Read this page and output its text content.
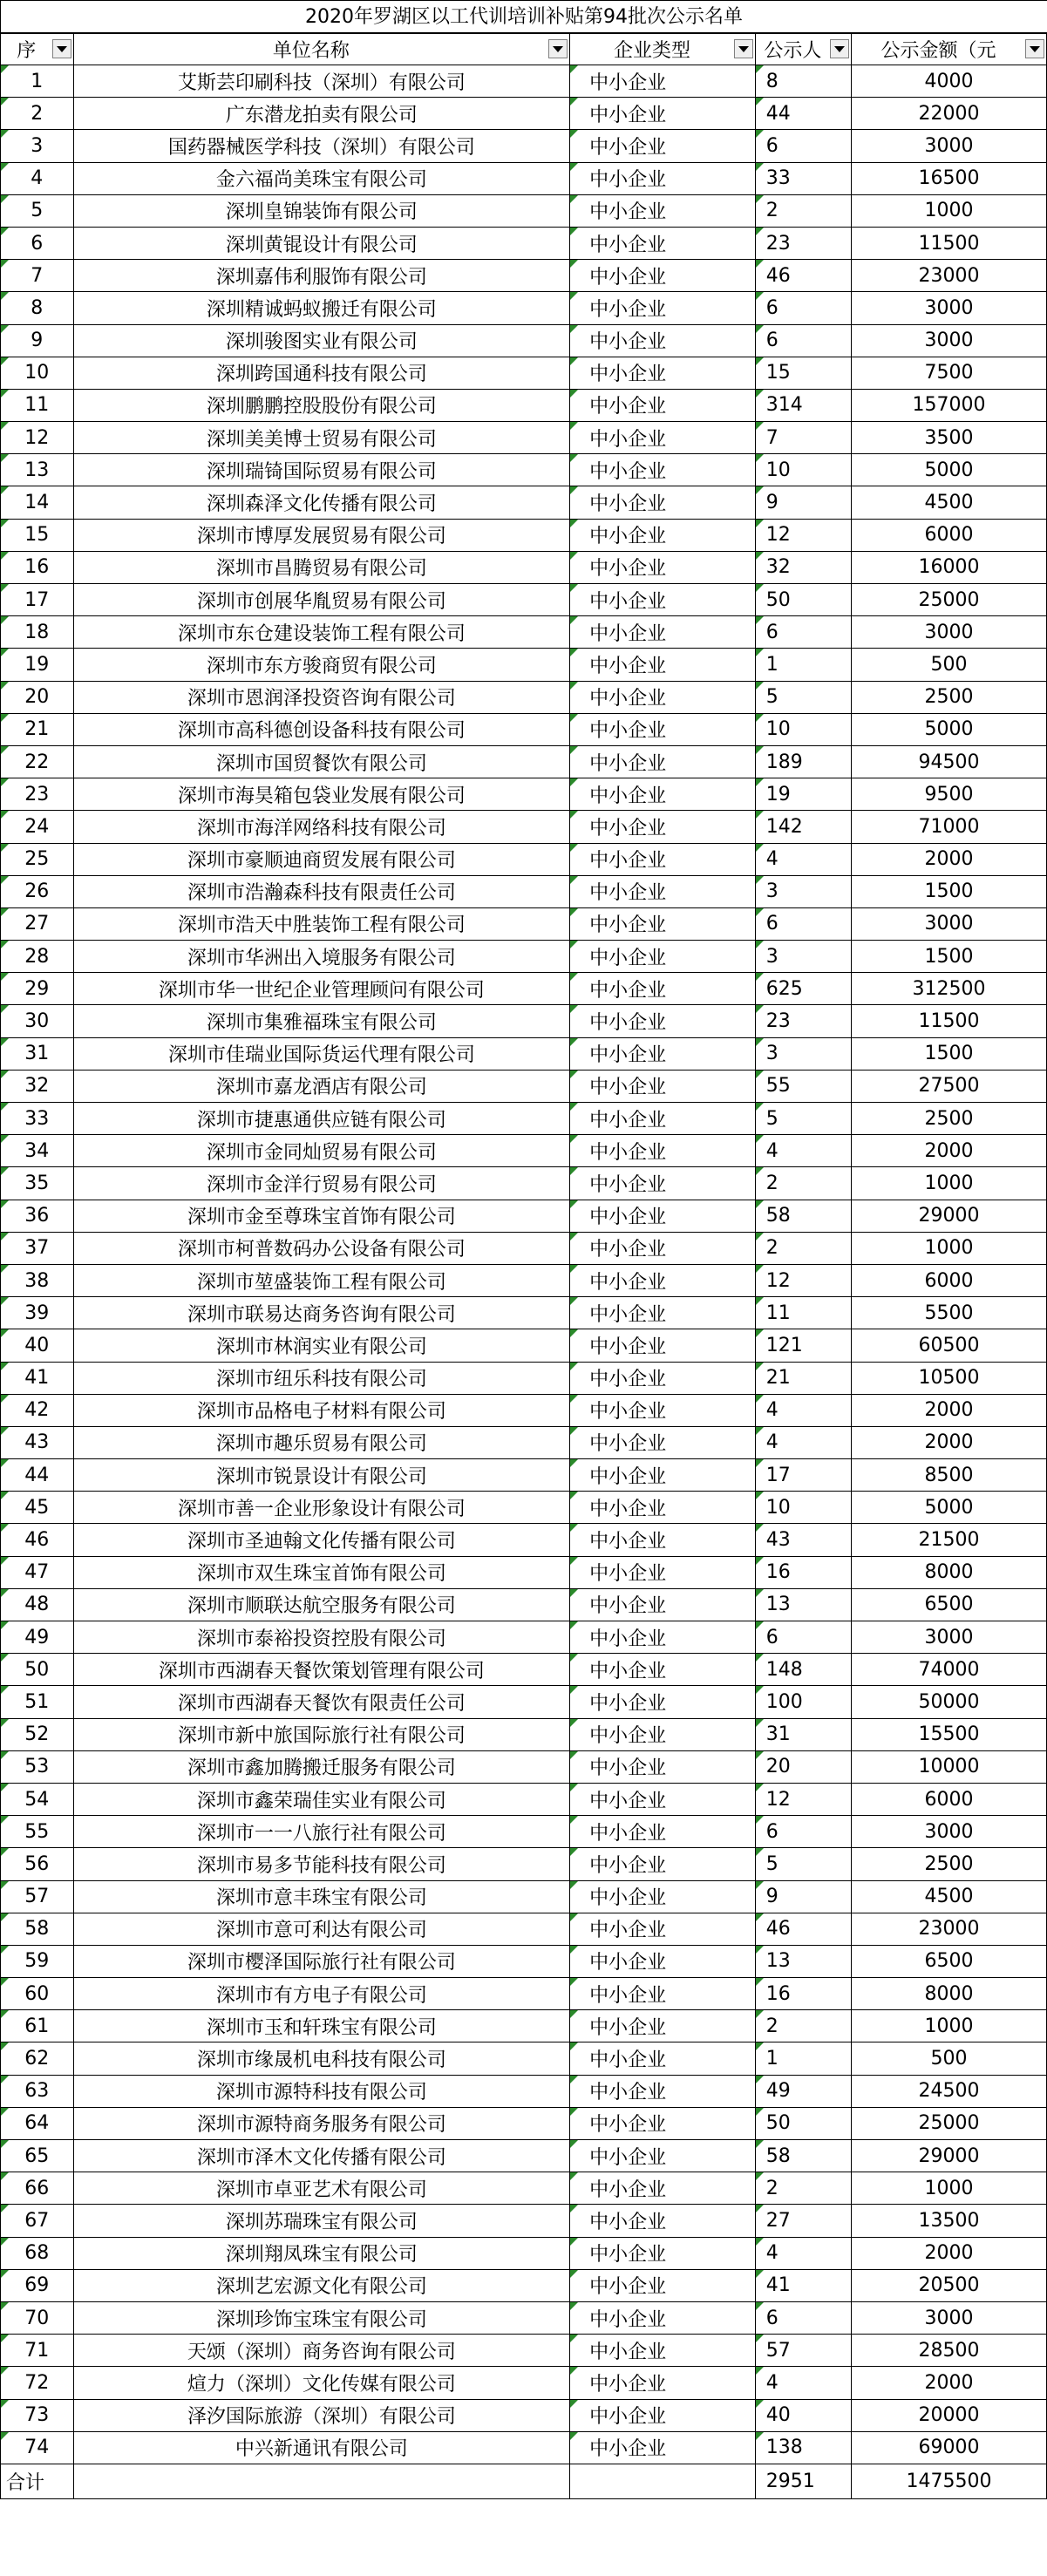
2020年罗湖区以工代训培训补贴第94批次公示名单
序	单位名称	企业类型	公示人	公示金额（元

1	艾斯芸印刷科技（深圳）有限公司	中小企业	8	4000
2	广东潜龙拍卖有限公司	中小企业	44	22000
3	国药器械医学科技（深圳）有限公司	中小企业	6	3000
4	金六福尚美珠宝有限公司	中小企业	33	16500
5	深圳皇锦装饰有限公司	中小企业	2	1000
6	深圳黄锟设计有限公司	中小企业	23	11500
7	深圳嘉伟利服饰有限公司	中小企业	46	23000
8	深圳精诚蚂蚁搬迁有限公司	中小企业	6	3000
9	深圳骏图实业有限公司	中小企业	6	3000
10	深圳跨国通科技有限公司	中小企业	15	7500
11	深圳鹏鹏控股股份有限公司	中小企业	314	157000
12	深圳美美博士贸易有限公司	中小企业	7	3500
13	深圳瑞锜国际贸易有限公司	中小企业	10	5000
14	深圳森泽文化传播有限公司	中小企业	9	4500
15	深圳市博厚发展贸易有限公司	中小企业	12	6000
16	深圳市昌腾贸易有限公司	中小企业	32	16000
17	深圳市创展华胤贸易有限公司	中小企业	50	25000
18	深圳市东仓建设装饰工程有限公司	中小企业	6	3000
19	深圳市东方骏商贸有限公司	中小企业	1	500
20	深圳市恩润泽投资咨询有限公司	中小企业	5	2500
21	深圳市高科德创设备科技有限公司	中小企业	10	5000
22	深圳市国贸餐饮有限公司	中小企业	189	94500
23	深圳市海昊箱包袋业发展有限公司	中小企业	19	9500
24	深圳市海洋网络科技有限公司	中小企业	142	71000
25	深圳市豪顺迪商贸发展有限公司	中小企业	4	2000
26	深圳市浩瀚森科技有限责任公司	中小企业	3	1500
27	深圳市浩天中胜装饰工程有限公司	中小企业	6	3000
28	深圳市华洲出入境服务有限公司	中小企业	3	1500
29	深圳市华一世纪企业管理顾问有限公司	中小企业	625	312500
30	深圳市集雅福珠宝有限公司	中小企业	23	11500
31	深圳市佳瑞业国际货运代理有限公司	中小企业	3	1500
32	深圳市嘉龙酒店有限公司	中小企业	55	27500
33	深圳市捷惠通供应链有限公司	中小企业	5	2500
34	深圳市金同灿贸易有限公司	中小企业	4	2000
35	深圳市金洋行贸易有限公司	中小企业	2	1000
36	深圳市金至尊珠宝首饰有限公司	中小企业	58	29000
37	深圳市柯普数码办公设备有限公司	中小企业	2	1000
38	深圳市堃盛装饰工程有限公司	中小企业	12	6000
39	深圳市联易达商务咨询有限公司	中小企业	11	5500
40	深圳市林润实业有限公司	中小企业	121	60500
41	深圳市纽乐科技有限公司	中小企业	21	10500
42	深圳市品格电子材料有限公司	中小企业	4	2000
43	深圳市趣乐贸易有限公司	中小企业	4	2000
44	深圳市锐景设计有限公司	中小企业	17	8500
45	深圳市善一企业形象设计有限公司	中小企业	10	5000
46	深圳市圣迪翰文化传播有限公司	中小企业	43	21500
47	深圳市双生珠宝首饰有限公司	中小企业	16	8000
48	深圳市顺联达航空服务有限公司	中小企业	13	6500
49	深圳市泰裕投资控股有限公司	中小企业	6	3000
50	深圳市西湖春天餐饮策划管理有限公司	中小企业	148	74000
51	深圳市西湖春天餐饮有限责任公司	中小企业	100	50000
52	深圳市新中旅国际旅行社有限公司	中小企业	31	15500
53	深圳市鑫加腾搬迁服务有限公司	中小企业	20	10000
54	深圳市鑫荣瑞佳实业有限公司	中小企业	12	6000
55	深圳市一一八旅行社有限公司	中小企业	6	3000
56	深圳市易多节能科技有限公司	中小企业	5	2500
57	深圳市意丰珠宝有限公司	中小企业	9	4500
58	深圳市意可利达有限公司	中小企业	46	23000
59	深圳市樱泽国际旅行社有限公司	中小企业	13	6500
60	深圳市有方电子有限公司	中小企业	16	8000
61	深圳市玉和轩珠宝有限公司	中小企业	2	1000
62	深圳市缘晟机电科技有限公司	中小企业	1	500
63	深圳市源特科技有限公司	中小企业	49	24500
64	深圳市源特商务服务有限公司	中小企业	50	25000
65	深圳市泽木文化传播有限公司	中小企业	58	29000
66	深圳市卓亚艺术有限公司	中小企业	2	1000
67	深圳苏瑞珠宝有限公司	中小企业	27	13500
68	深圳翔凤珠宝有限公司	中小企业	4	2000
69	深圳艺宏源文化有限公司	中小企业	41	20500
70	深圳珍饰宝珠宝有限公司	中小企业	6	3000
71	天颂（深圳）商务咨询有限公司	中小企业	57	28500
72	煊力（深圳）文化传媒有限公司	中小企业	4	2000
73	泽汐国际旅游（深圳）有限公司	中小企业	40	20000
74	中兴新通讯有限公司	中小企业	138	69000
合计			2951	1475500
